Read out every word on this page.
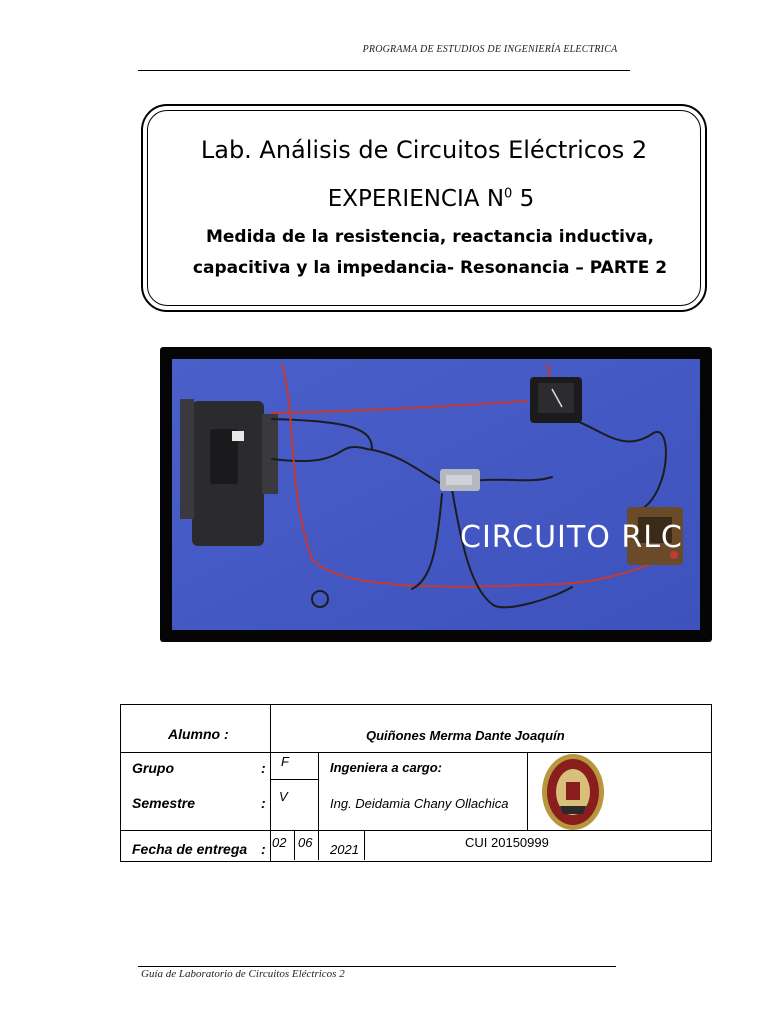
PROGRAMA DE ESTUDIOS DE INGENIERÍA ELECTRICA
Lab. Análisis de Circuitos Eléctricos 2
EXPERIENCIA $N^0$ 5
Medida de la resistencia, reactancia inductiva,
capacitiva y la impedancia- Resonancia – PARTE 2
CIRCUITO RLC
Alumno :	Quiñones Merma Dante Joaquín
Grupo	: F
Semestre	: V
Fecha de entrega : 02 06 2021
Ingeniera a cargo:
Ing. Deidamia Chany Ollachica
CUI 20150999
Guía de Laboratorio de Circuitos Eléctricos 2
